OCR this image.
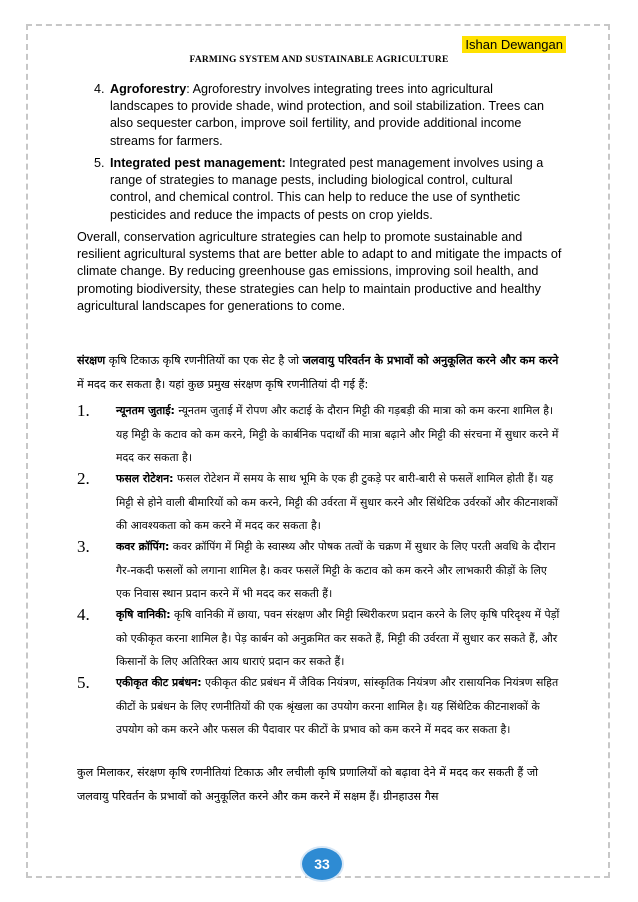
Ishan Dewangan
FARMING SYSTEM AND SUSTAINABLE AGRICULTURE
4. Agroforestry: Agroforestry involves integrating trees into agricultural landscapes to provide shade, wind protection, and soil stabilization. Trees can also sequester carbon, improve soil fertility, and provide additional income streams for farmers.
5. Integrated pest management: Integrated pest management involves using a range of strategies to manage pests, including biological control, cultural control, and chemical control. This can help to reduce the use of synthetic pesticides and reduce the impacts of pests on crop yields.
Overall, conservation agriculture strategies can help to promote sustainable and resilient agricultural systems that are better able to adapt to and mitigate the impacts of climate change. By reducing greenhouse gas emissions, improving soil health, and promoting biodiversity, these strategies can help to maintain productive and healthy agricultural landscapes for generations to come.
संरक्षण कृषि टिकाऊ कृषि रणनीतियों का एक सेट है जो जलवायु परिवर्तन के प्रभावों को अनुकूलित करने और कम करने में मदद कर सकता है। यहां कुछ प्रमुख संरक्षण कृषि रणनीतियां दी गई हैं:
1. न्यूनतम जुताई: न्यूनतम जुताई में रोपण और कटाई के दौरान मिट्टी की गड़बड़ी की मात्रा को कम करना शामिल है। यह मिट्टी के कटाव को कम करने, मिट्टी के कार्बनिक पदार्थों की मात्रा बढ़ाने और मिट्टी की संरचना में सुधार करने में मदद कर सकता है।
2. फसल रोटेशन: फसल रोटेशन में समय के साथ भूमि के एक ही टुकड़े पर बारी-बारी से फसलें शामिल होती हैं। यह मिट्टी से होने वाली बीमारियों को कम करने, मिट्टी की उर्वरता में सुधार करने और सिंथेटिक उर्वरकों और कीटनाशकों की आवश्यकता को कम करने में मदद कर सकता है।
3. कवर क्रॉपिंग: कवर क्रॉपिंग में मिट्टी के स्वास्थ्य और पोषक तत्वों के चक्रण में सुधार के लिए परती अवधि के दौरान गैर-नकदी फसलों को लगाना शामिल है। कवर फसलें मिट्टी के कटाव को कम करने और लाभकारी कीड़ों के लिए एक निवास स्थान प्रदान करने में भी मदद कर सकती हैं।
4. कृषि वानिकी: कृषि वानिकी में छाया, पवन संरक्षण और मिट्टी स्थिरीकरण प्रदान करने के लिए कृषि परिदृश्य में पेड़ों को एकीकृत करना शामिल है। पेड़ कार्बन को अनुक्रमित कर सकते हैं, मिट्टी की उर्वरता में सुधार कर सकते हैं, और किसानों के लिए अतिरिक्त आय धाराएं प्रदान कर सकते हैं।
5. एकीकृत कीट प्रबंधन: एकीकृत कीट प्रबंधन में जैविक नियंत्रण, सांस्कृतिक नियंत्रण और रासायनिक नियंत्रण सहित कीटों के प्रबंधन के लिए रणनीतियों की एक श्रृंखला का उपयोग करना शामिल है। यह सिंथेटिक कीटनाशकों के उपयोग को कम करने और फसल की पैदावार पर कीटों के प्रभाव को कम करने में मदद कर सकता है।
कुल मिलाकर, संरक्षण कृषि रणनीतियां टिकाऊ और लचीली कृषि प्रणालियों को बढ़ावा देने में मदद कर सकती हैं जो जलवायु परिवर्तन के प्रभावों को अनुकूलित करने और कम करने में सक्षम हैं। ग्रीनहाउस गैस
33
